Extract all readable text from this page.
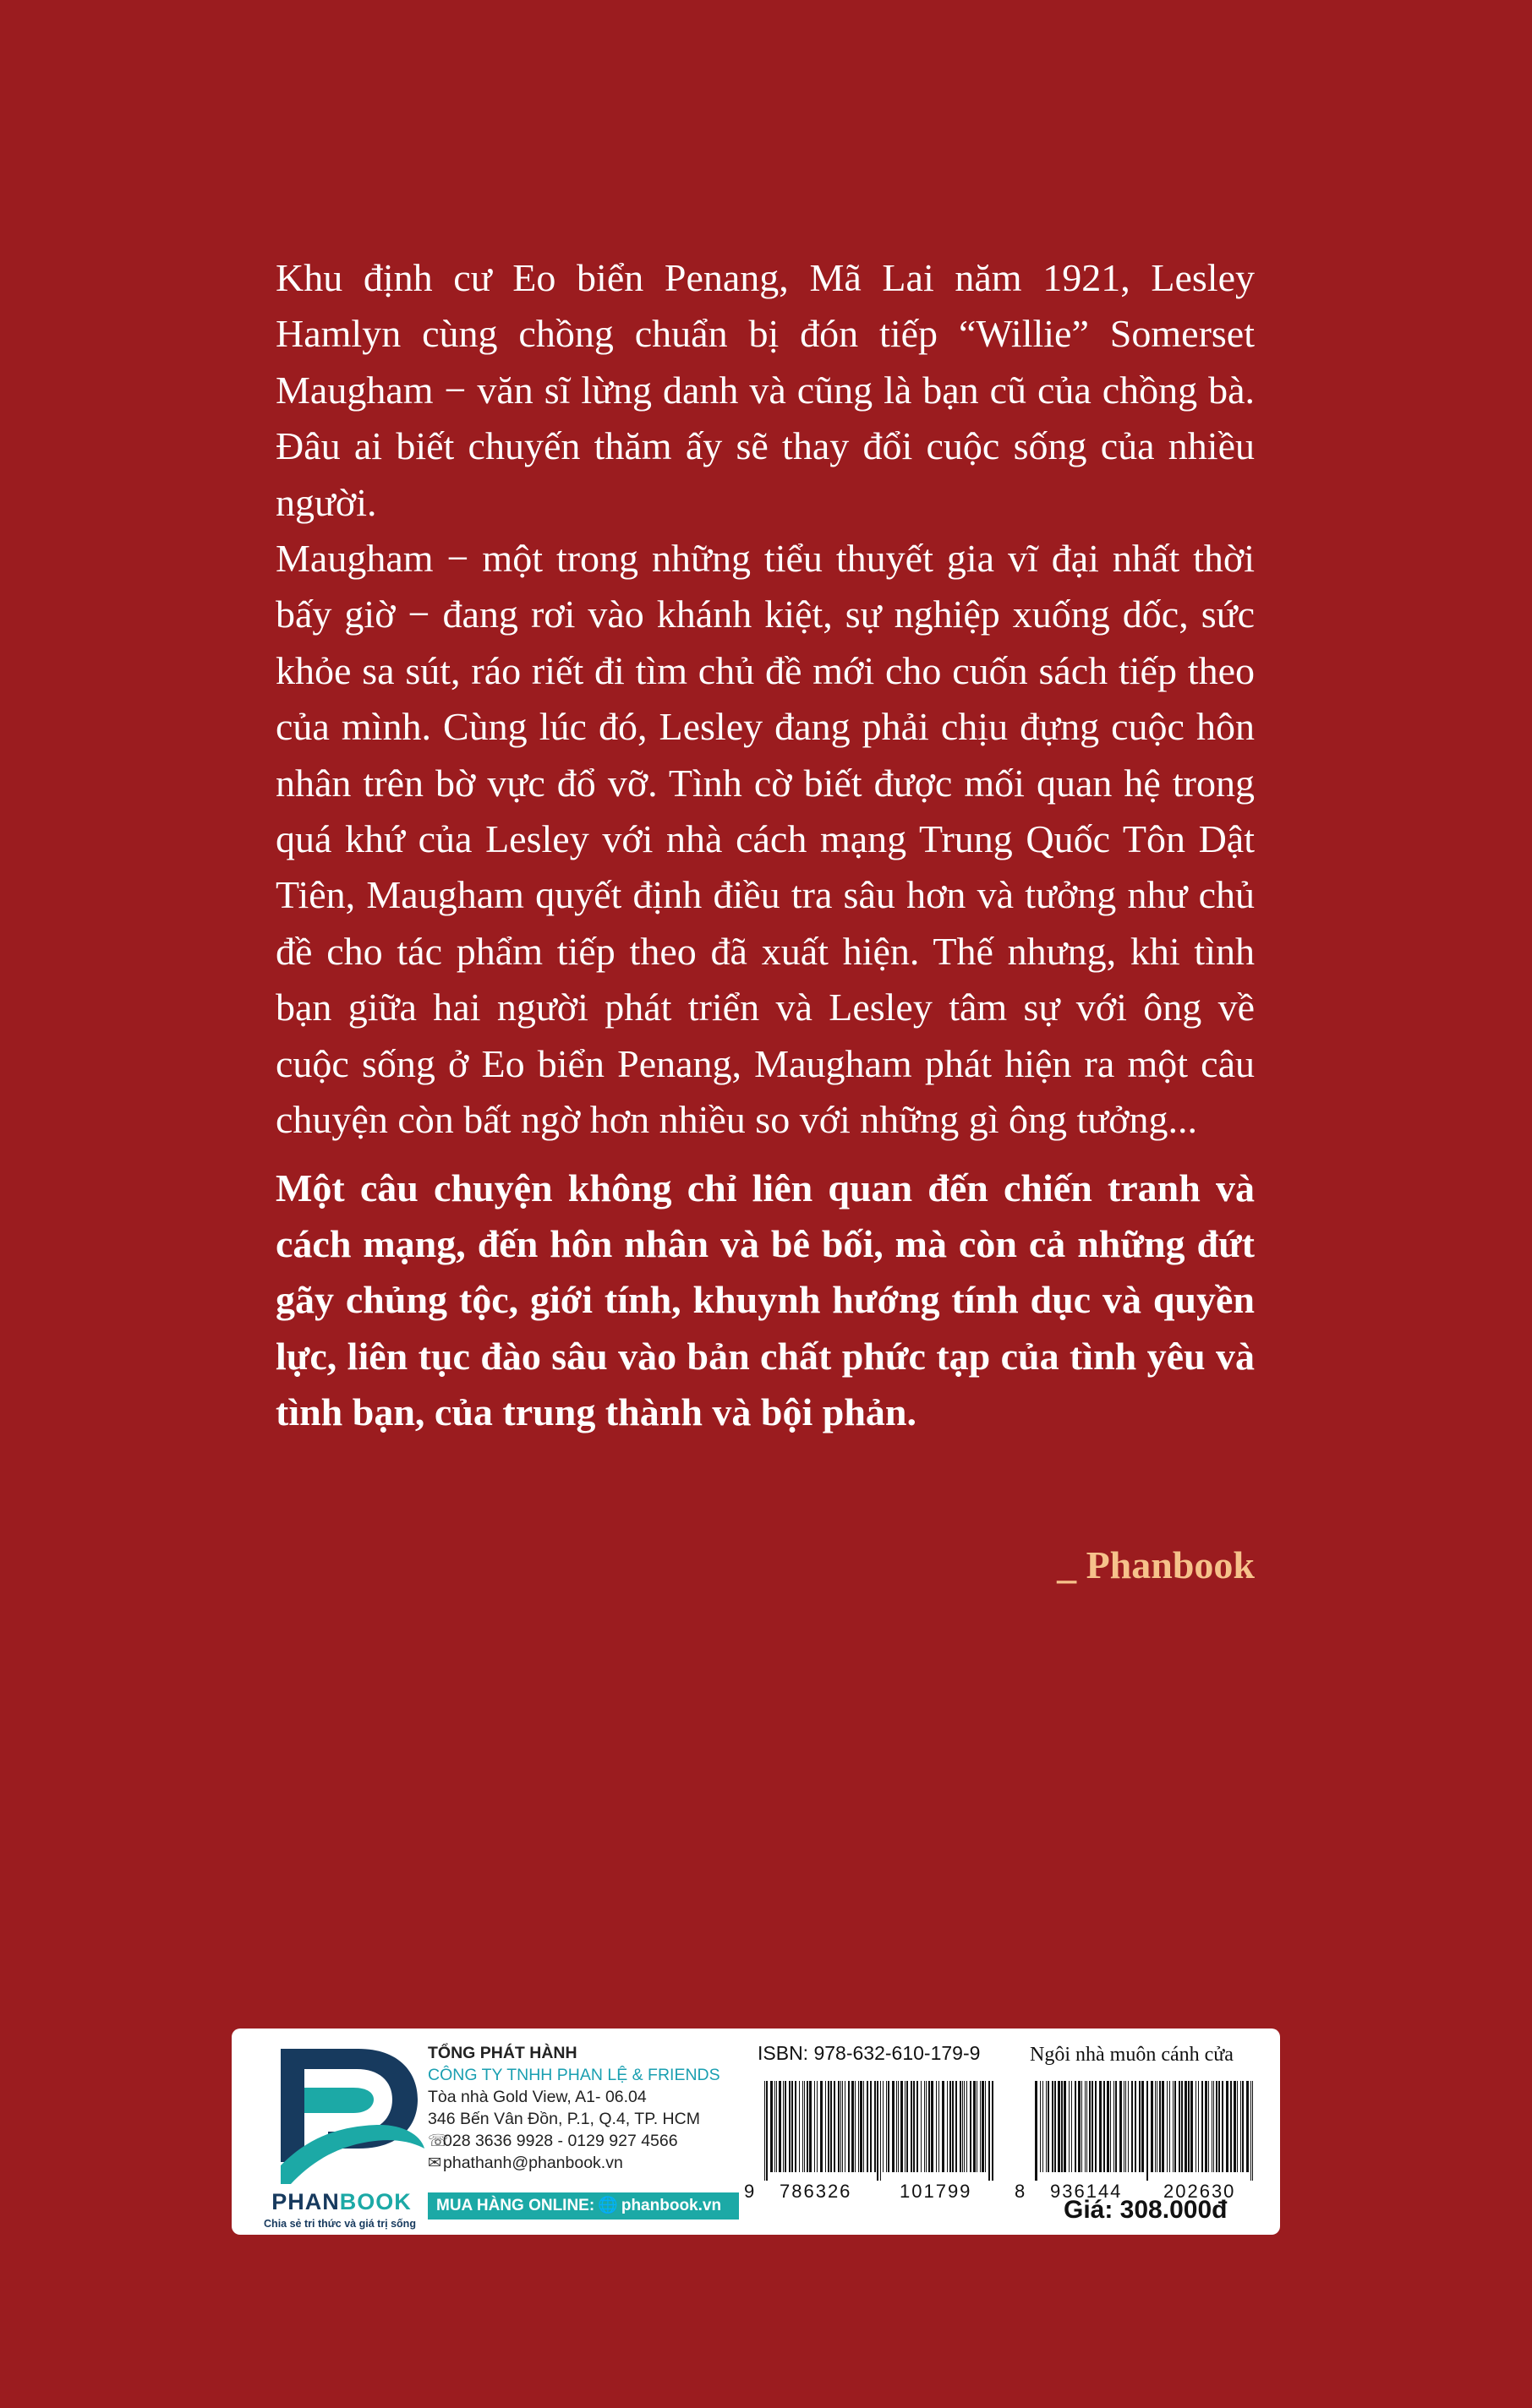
Khu định cư Eo biển Penang, Mã Lai năm 1921, Lesley Hamlyn cùng chồng chuẩn bị đón tiếp “Willie” Somerset Maugham − văn sĩ lừng danh và cũng là bạn cũ của chồng bà. Đâu ai biết chuyến thăm ấy sẽ thay đổi cuộc sống của nhiều người.

Maugham − một trong những tiểu thuyết gia vĩ đại nhất thời bấy giờ − đang rơi vào khánh kiệt, sự nghiệp xuống dốc, sức khỏe sa sút, ráo riết đi tìm chủ đề mới cho cuốn sách tiếp theo của mình. Cùng lúc đó, Lesley đang phải chịu đựng cuộc hôn nhân trên bờ vực đổ vỡ. Tình cờ biết được mối quan hệ trong quá khứ của Lesley với nhà cách mạng Trung Quốc Tôn Dật Tiên, Maugham quyết định điều tra sâu hơn và tưởng như chủ đề cho tác phẩm tiếp theo đã xuất hiện. Thế nhưng, khi tình bạn giữa hai người phát triển và Lesley tâm sự với ông về cuộc sống ở Eo biển Penang, Maugham phát hiện ra một câu chuyện còn bất ngờ hơn nhiều so với những gì ông tưởng...

Một câu chuyện không chỉ liên quan đến chiến tranh và cách mạng, đến hôn nhân và bê bối, mà còn cả những đứt gãy chủng tộc, giới tính, khuynh hướng tính dục và quyền lực, liên tục đào sâu vào bản chất phức tạp của tình yêu và tình bạn, của trung thành và bội phản.

_ Phanbook
PHANBOOK
Chia sẻ tri thức và giá trị sống
TỔNG PHÁT HÀNH
CÔNG TY TNHH PHAN LỆ & FRIENDS
Tòa nhà Gold View, A1- 06.04
346 Bến Vân Đồn, P.1, Q.4, TP. HCM
☏028 3636 9928 - 0129 927 4566
✉phathanh@phanbook.vn
MUA HÀNG ONLINE: 🌐 phanbook.vn
ISBN: 978-632-610-179-9 Ngôi nhà muôn cánh cửa
9 786326	101799 8 936144 202630
Giá: 308.000đ
